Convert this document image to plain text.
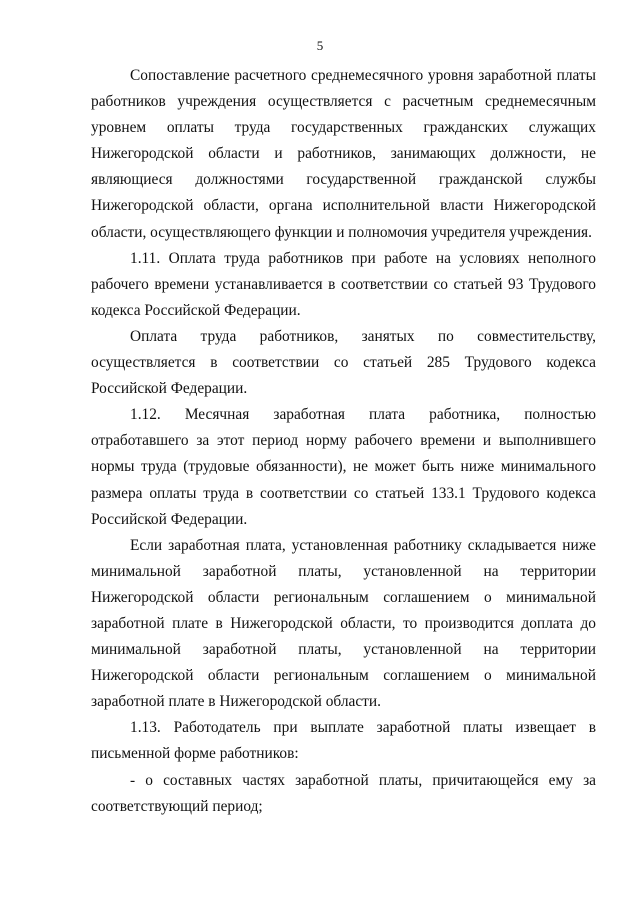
5

Сопоставление расчетного среднемесячного уровня заработной платы работников учреждения осуществляется с расчетным среднемесячным уровнем оплаты труда государственных гражданских служащих Нижегородской области и работников, занимающих должности, не являющиеся должностями государственной гражданской службы Нижегородской области, органа исполнительной власти Нижегородской области, осуществляющего функции и полномочия учредителя учреждения.

1.11. Оплата труда работников при работе на условиях неполного рабочего времени устанавливается в соответствии со статьей 93 Трудового кодекса Российской Федерации.

Оплата труда работников, занятых по совместительству, осуществляется в соответствии со статьей 285 Трудового кодекса Российской Федерации.

1.12. Месячная заработная плата работника, полностью отработавшего за этот период норму рабочего времени и выполнившего нормы труда (трудовые обязанности), не может быть ниже минимального размера оплаты труда в соответствии со статьей 133.1 Трудового кодекса Российской Федерации.

Если заработная плата, установленная работнику складывается ниже минимальной заработной платы, установленной на территории Нижегородской области региональным соглашением о минимальной заработной плате в Нижегородской области, то производится доплата до минимальной заработной платы, установленной на территории Нижегородской области региональным соглашением о минимальной заработной плате в Нижегородской области.

1.13. Работодатель при выплате заработной платы извещает в письменной форме работников:

- о составных частях заработной платы, причитающейся ему за соответствующий период;
